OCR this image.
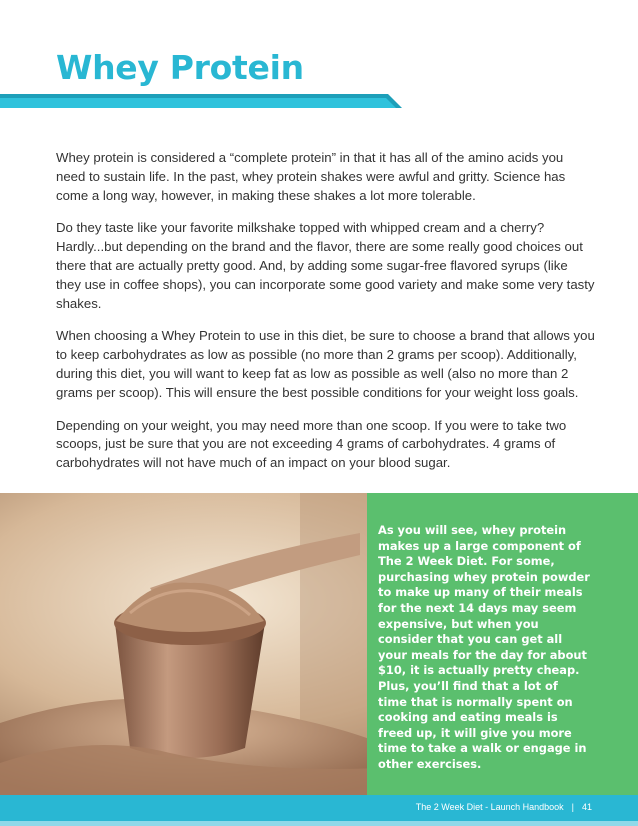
Whey Protein

Whey protein is considered a “complete protein” in that it has all of the amino acids you need to sustain life. In the past, whey protein shakes were awful and gritty. Science has come a long way, however, in making these shakes a lot more tolerable.

Do they taste like your favorite milkshake topped with whipped cream and a cherry? Hardly...but depending on the brand and the flavor, there are some really good choices out there that are actually pretty good. And, by adding some sugar-free flavored syrups (like they use in coffee shops), you can incorporate some good variety and make some very tasty shakes.

When choosing a Whey Protein to use in this diet, be sure to choose a brand that allows you to keep carbohydrates as low as possible (no more than 2 grams per scoop). Additionally, during this diet, you will want to keep fat as low as possible as well (also no more than 2 grams per scoop). This will ensure the best possible conditions for your weight loss goals.

Depending on your weight, you may need more than one scoop. If you were to take two scoops, just be sure that you are not exceeding 4 grams of carbohydrates. 4 grams of carbohydrates will not have much of an impact on your blood sugar.

As you will see, whey protein makes up a large component of The 2 Week Diet. For some, purchasing whey protein powder to make up many of their meals for the next 14 days may seem expensive, but when you consider that you can get all your meals for the day for about $10, it is actually pretty cheap. Plus, you’ll find that a lot of time that is normally spent on cooking and eating meals is freed up, it will give you more time to take a walk or engage in other exercises.

The 2 Week Diet - Launch Handbook | 41
